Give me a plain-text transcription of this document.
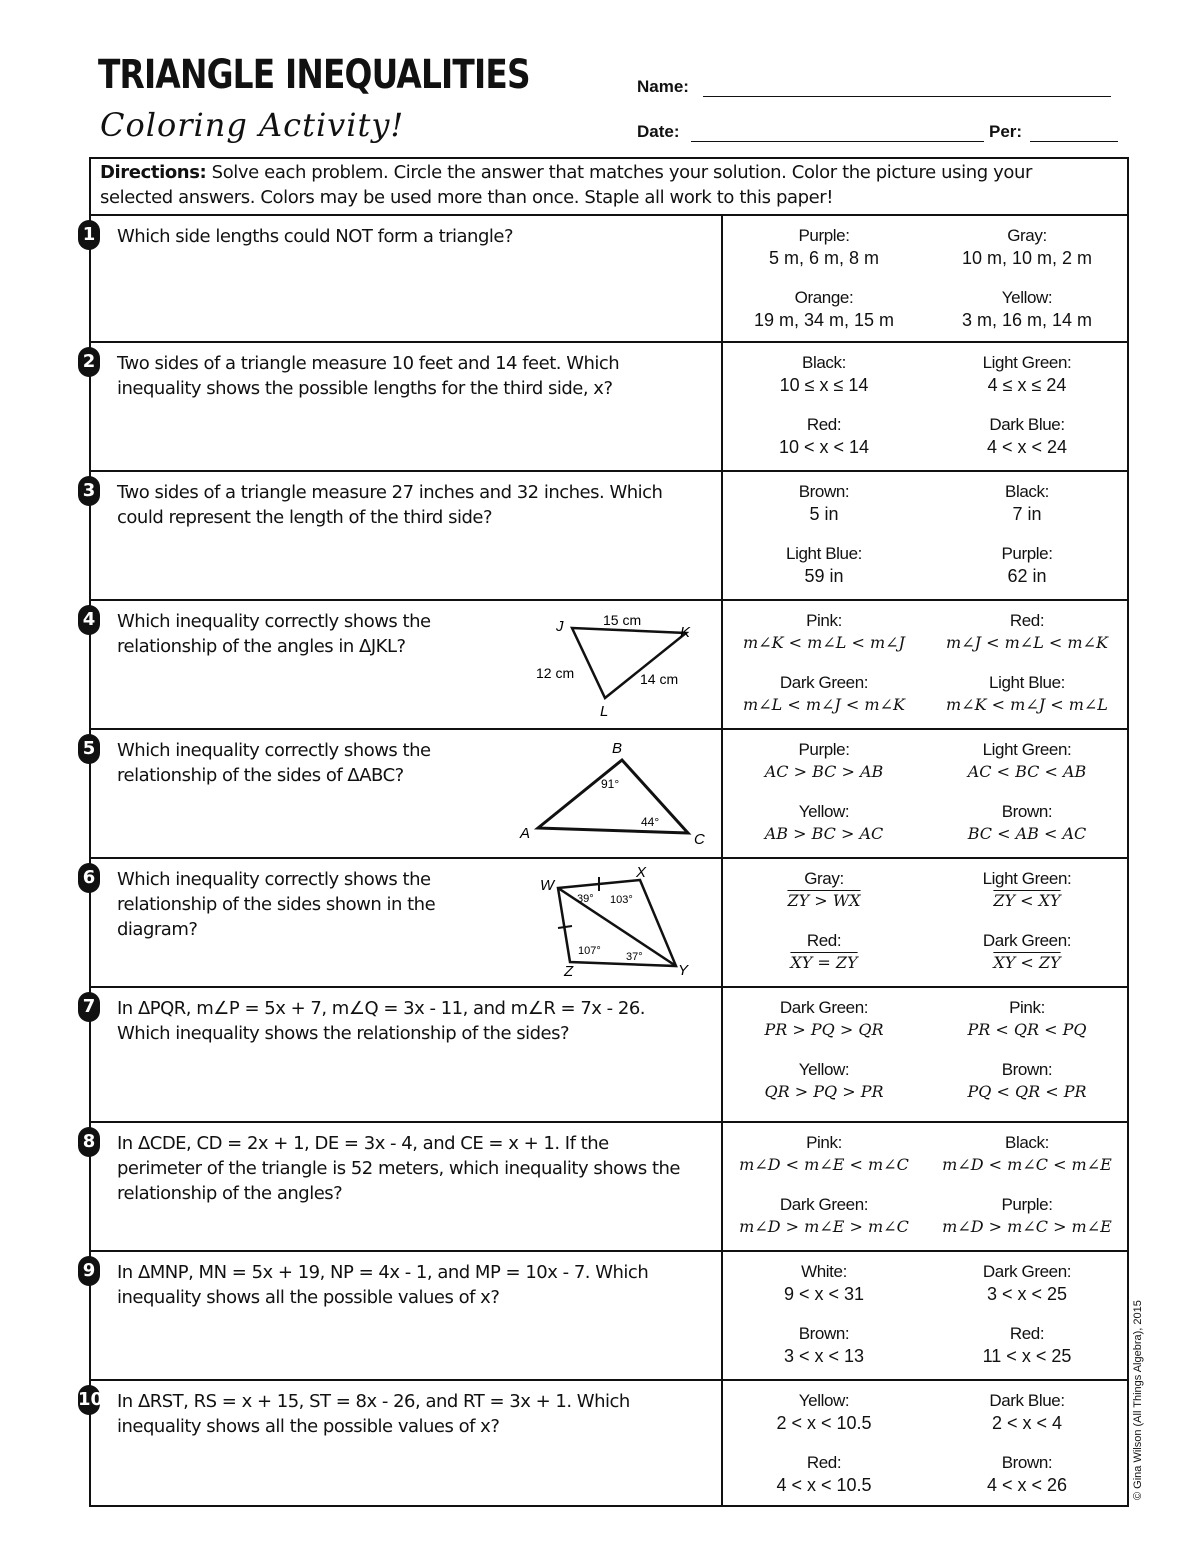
TRIANGLE INEQUALITIES
Coloring Activity!
Name:
Date:	Per:
Directions: Solve each problem. Circle the answer that matches your solution. Color the picture using your selected answers. Colors may be used more than once. Staple all work to this paper!
1 Which side lengths could NOT form a triangle?	Purple:
5 m, 6 m, 8 m
Gray:
10 m, 10 m, 2 m
Orange:
19 m, 34 m, 15 m
Yellow:
3 m, 16 m, 14 m
2 Two sides of a triangle measure 10 feet and 14 feet. Which inequality shows the possible lengths for the third side, x?
Black:
10 ≤ x ≤ 14
Light Green:
4 ≤ x ≤ 24
Red:
10 < x < 14
Dark Blue:
4 < x < 24
3 Two sides of a triangle measure 27 inches and 32 inches. Which could represent the length of the third side?
Brown:
5 in
Black:
7 in
Light Blue:
59 in
Purple:
62 in
4 Which inequality correctly shows the relationship of the angles in ΔJKL?
Pink:
m∠K < m∠L < m∠J
Red:
m∠J < m∠L < m∠K
Dark Green:
m∠L < m∠J < m∠K
Light Blue:
m∠K < m∠J < m∠L
5 Which inequality correctly shows the relationship of the sides of ΔABC?
Purple:
AC > BC > AB
Light Green:
AC < BC < AB
Yellow:
AB > BC > AC
Brown:
BC < AB < AC
6 Which inequality correctly shows the relationship of the sides shown in the diagram?
Gray:
ZY > WX
Light Green:
ZY < XY
Red:
XY = ZY
Dark Green:
XY < ZY
7 In ΔPQR, m∠P = 5x + 7, m∠Q = 3x - 11, and m∠R = 7x - 26. Which inequality shows the relationship of the sides?
Dark Green:
PR > PQ > QR
Pink:
PR < QR < PQ
Yellow:
QR > PQ > PR
Brown:
PQ < QR < PR
8 In ΔCDE, CD = 2x + 1, DE = 3x - 4, and CE = x + 1. If the perimeter of the triangle is 52 meters, which inequality shows the relationship of the angles?
Pink:
m∠D < m∠E < m∠C
Black:
m∠D < m∠C < m∠E
Dark Green:
m∠D > m∠E > m∠C
Purple:
m∠D > m∠C > m∠E
9 In ΔMNP, MN = 5x + 19, NP = 4x - 1, and MP = 10x - 7. Which inequality shows all the possible values of x?
White:
9 < x < 31
Dark Green:
3 < x < 25
Brown:
3 < x < 13
Red:
11 < x < 25
10 In ΔRST, RS = x + 15, ST = 8x - 26, and RT = 3x + 1. Which inequality shows all the possible values of x?
Yellow:
2 < x < 10.5
Dark Blue:
2 < x < 4
Red:
4 < x < 10.5
Brown:
4 < x < 26
J	K
L
15 cm
12 cm	14 cm
A
B
C
91°
44°
W
X
Y
Z
39° 103°
107° 37°
© Gina Wilson (All Things Algebra), 2015
